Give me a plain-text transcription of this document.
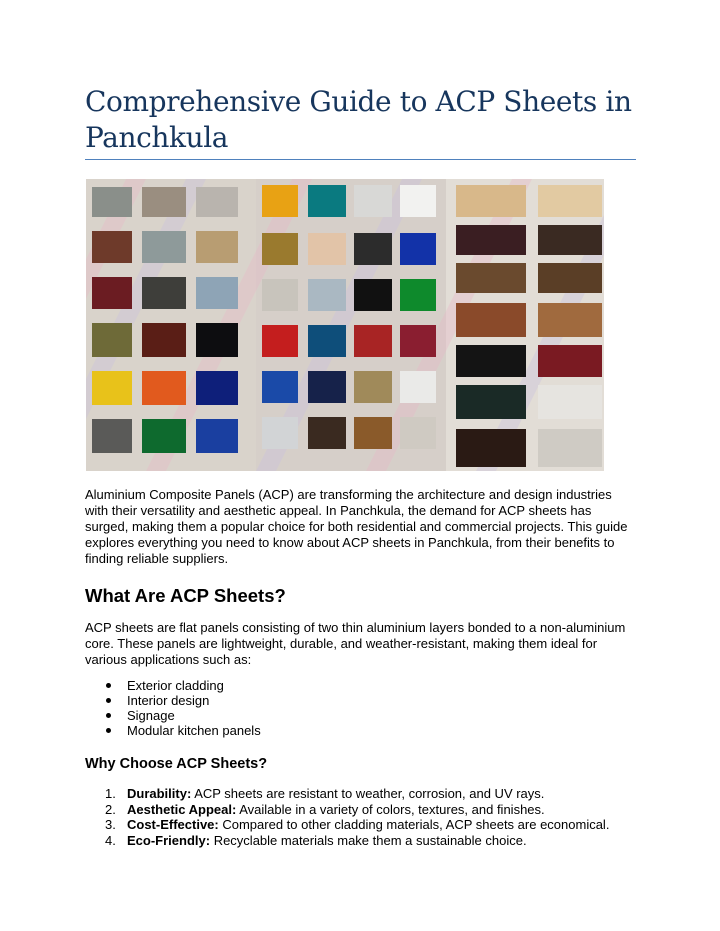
Comprehensive Guide to ACP Sheets in Panchkula

Aluminium Composite Panels (ACP) are transforming the architecture and design industries with their versatility and aesthetic appeal. In Panchkula, the demand for ACP sheets has surged, making them a popular choice for both residential and commercial projects. This guide explores everything you need to know about ACP sheets in Panchkula, from their benefits to finding reliable suppliers.

What Are ACP Sheets?

ACP sheets are flat panels consisting of two thin aluminium layers bonded to a non-aluminium core. These panels are lightweight, durable, and weather-resistant, making them ideal for various applications such as:

Exterior cladding
Interior design
Signage
Modular kitchen panels
Why Choose ACP Sheets?
1. Durability: ACP sheets are resistant to weather, corrosion, and UV rays.
2. Aesthetic Appeal: Available in a variety of colors, textures, and finishes.
3. Cost-Effective: Compared to other cladding materials, ACP sheets are economical.
4. Eco-Friendly: Recyclable materials make them a sustainable choice.
